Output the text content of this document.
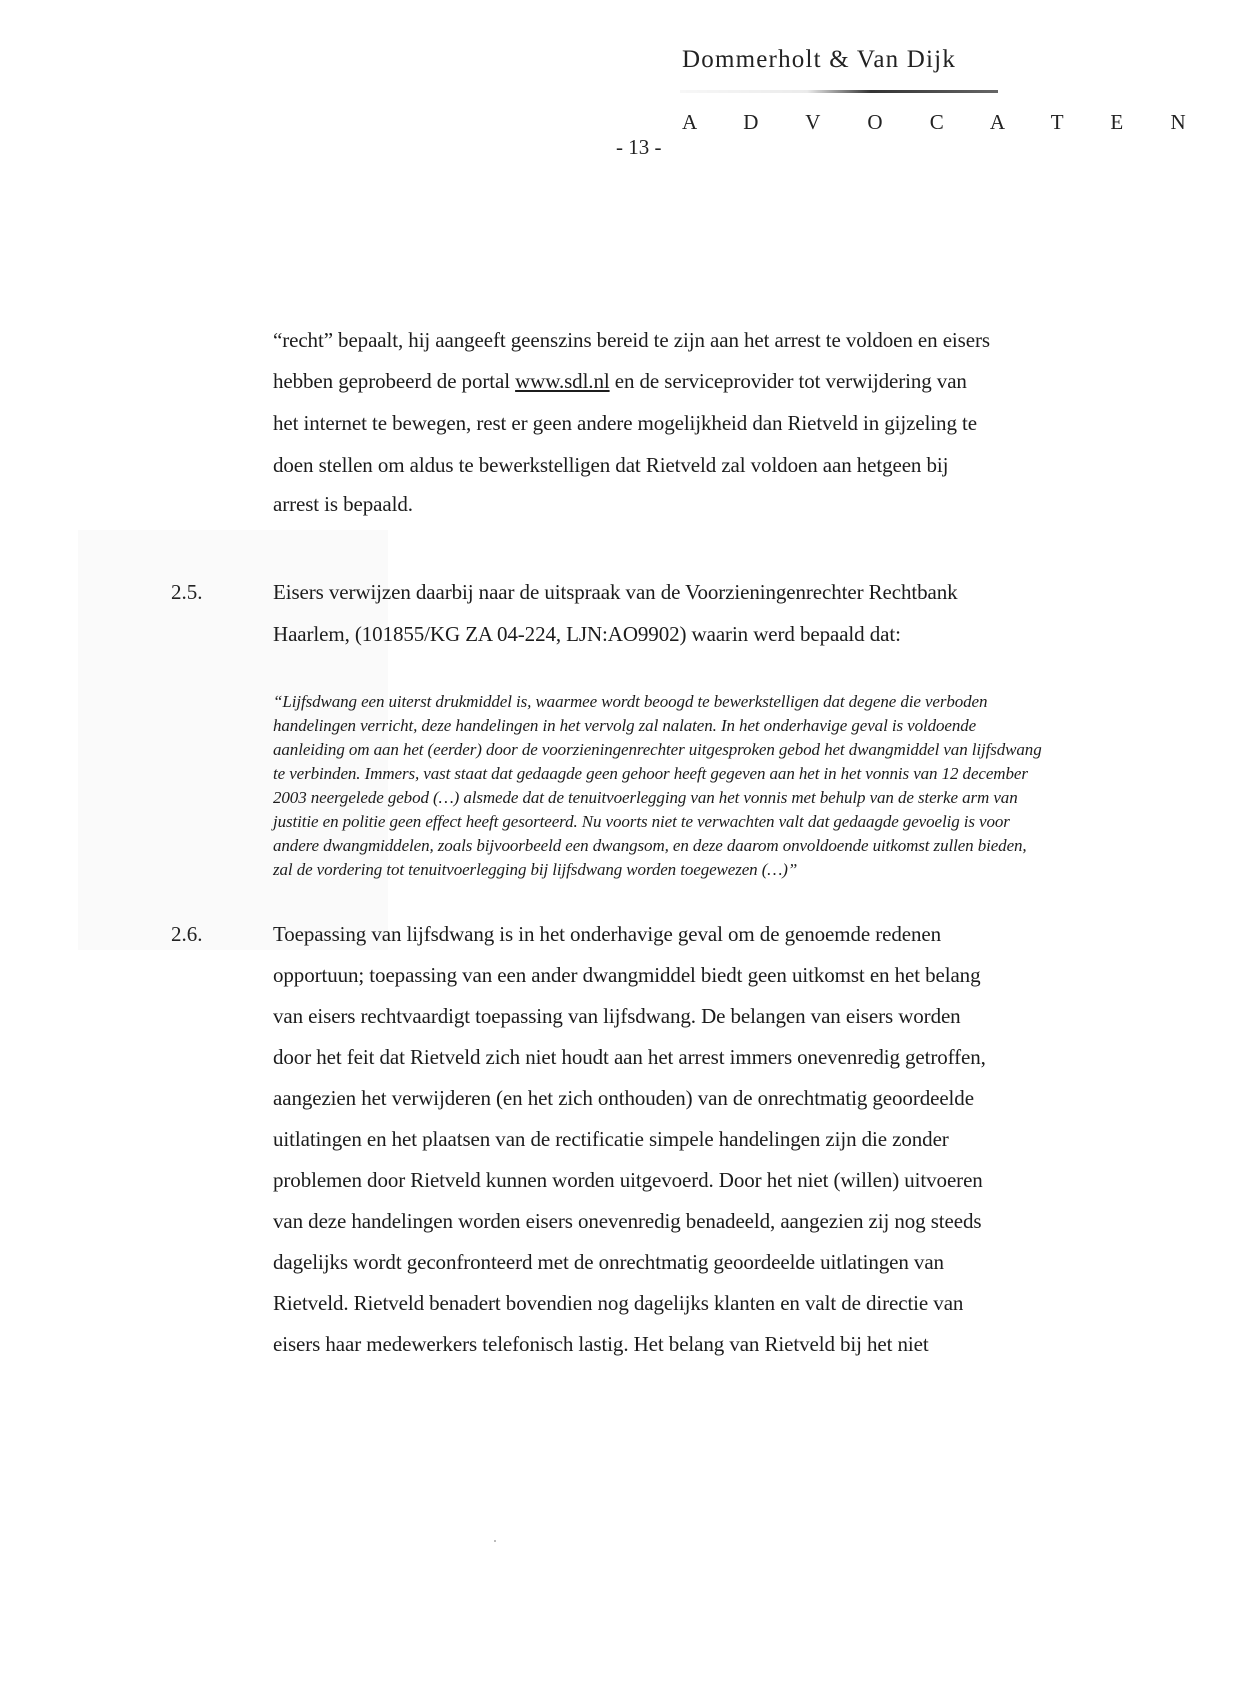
Dommerholt & Van Dijk
A D V O C A T E N
- 13 -
“recht” bepaalt, hij aangeeft geenszins bereid te zijn aan het arrest te voldoen en eisers
hebben geprobeerd de portal www.sdl.nl en de serviceprovider tot verwijdering van
het internet te bewegen, rest er geen andere mogelijkheid dan Rietveld in gijzeling te
doen stellen om aldus te bewerkstelligen dat Rietveld zal voldoen aan hetgeen bij
arrest is bepaald.
2.5.	Eisers verwijzen daarbij naar de uitspraak van de Voorzieningenrechter Rechtbank
Haarlem, (101855/KG ZA 04-224, LJN:AO9902) waarin werd bepaald dat:
“Lijfsdwang een uiterst drukmiddel is, waarmee wordt beoogd te bewerkstelligen dat degene die verboden
handelingen verricht, deze handelingen in het vervolg zal nalaten. In het onderhavige geval is voldoende
aanleiding om aan het (eerder) door de voorzieningenrechter uitgesproken gebod het dwangmiddel van lijfsdwang
te verbinden. Immers, vast staat dat gedaagde geen gehoor heeft gegeven aan het in het vonnis van 12 december
2003 neergelede gebod (…) alsmede dat de tenuitvoerlegging van het vonnis met behulp van de sterke arm van
justitie en politie geen effect heeft gesorteerd. Nu voorts niet te verwachten valt dat gedaagde gevoelig is voor
andere dwangmiddelen, zoals bijvoorbeeld een dwangsom, en deze daarom onvoldoende uitkomst zullen bieden,
zal de vordering tot tenuitvoerlegging bij lijfsdwang worden toegewezen (…)”
2.6.	Toepassing van lijfsdwang is in het onderhavige geval om de genoemde redenen
opportuun; toepassing van een ander dwangmiddel biedt geen uitkomst en het belang
van eisers rechtvaardigt toepassing van lijfsdwang. De belangen van eisers worden
door het feit dat Rietveld zich niet houdt aan het arrest immers onevenredig getroffen,
aangezien het verwijderen (en het zich onthouden) van de onrechtmatig geoordeelde
uitlatingen en het plaatsen van de rectificatie simpele handelingen zijn die zonder
problemen door Rietveld kunnen worden uitgevoerd. Door het niet (willen) uitvoeren
van deze handelingen worden eisers onevenredig benadeeld, aangezien zij nog steeds
dagelijks wordt geconfronteerd met de onrechtmatig geoordeelde uitlatingen van
Rietveld. Rietveld benadert bovendien nog dagelijks klanten en valt de directie van
eisers haar medewerkers telefonisch lastig. Het belang van Rietveld bij het niet
